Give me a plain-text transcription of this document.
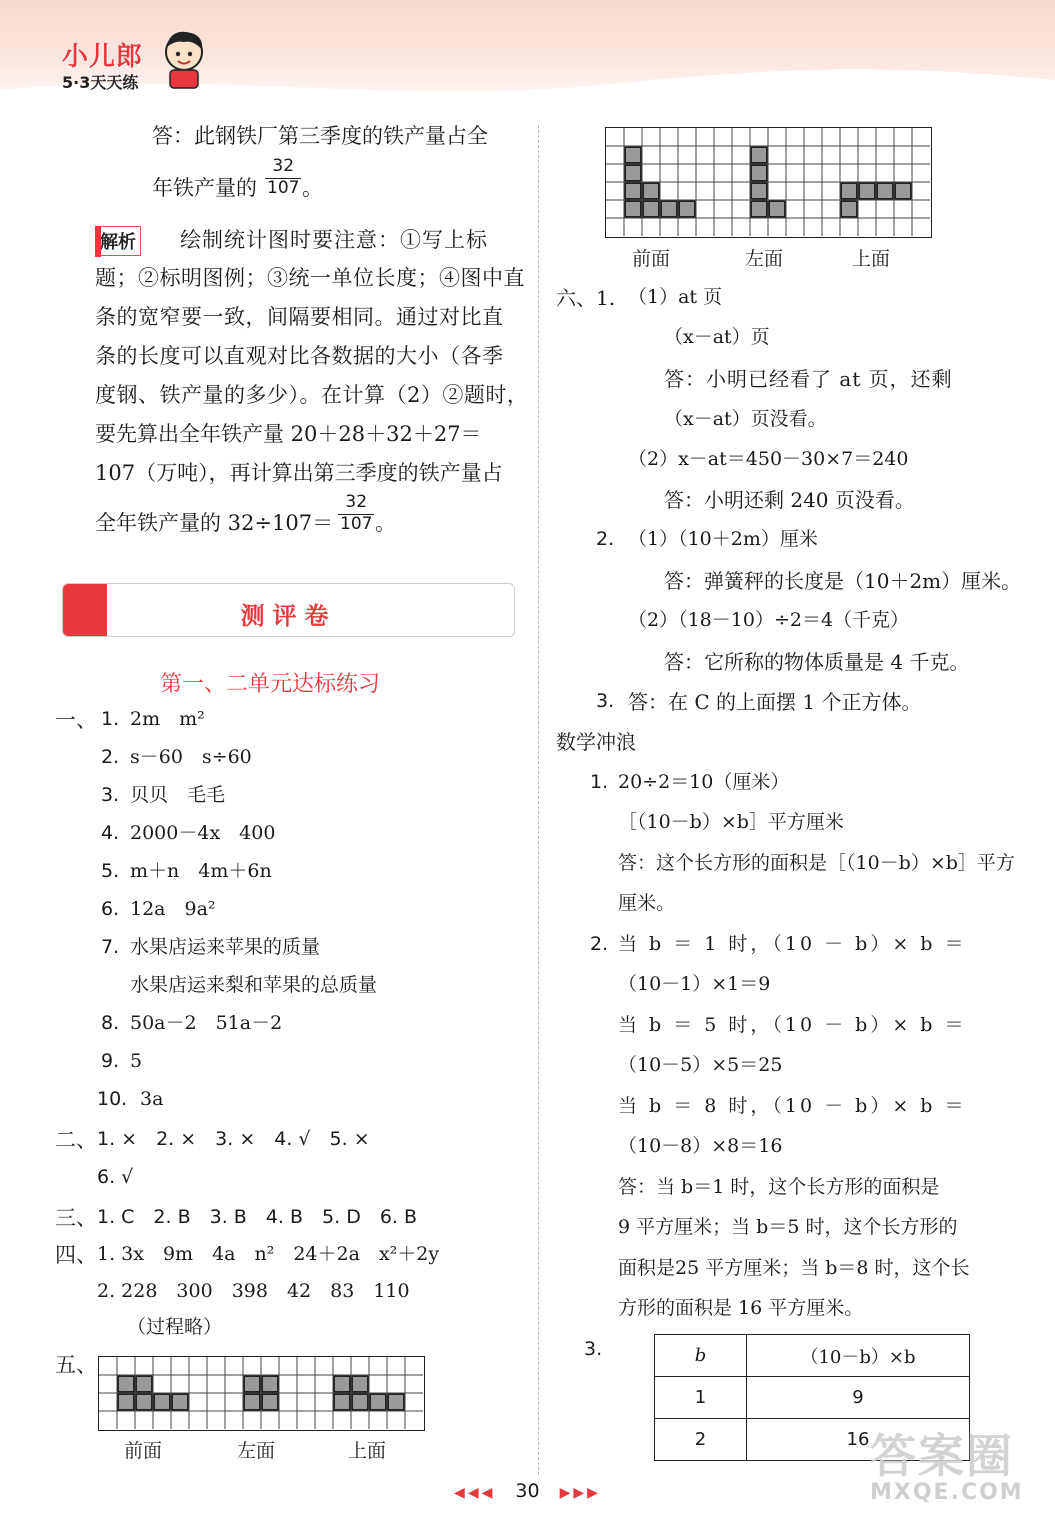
小儿郎
5·3天天练
答：此钢铁厂第三季度的铁产量占全
年铁产量的
32
107 。
解析 绘制统计图时要注意：①写上标
题；②标明图例；③统一单位长度；④图中直
条的宽窄要一致，间隔要相同。通过对比直
条的长度可以直观对比各数据的大小（各季
度钢、铁产量的多少）。在计算（2）②题时，
要先算出全年铁产量 20＋28＋32＋27＝
107（万吨），再计算出第三季度的铁产量占
全年铁产量的 32÷107＝
32
107 。
测评卷
第一、二单元达标练习
一、 1. 2m　m²
2. s－60　s÷60
3. 贝贝　毛毛
4. 2000－4x　400
5. m＋n　4m＋6n
6. 12a　9a²
7. 水果店运来苹果的质量
水果店运来梨和苹果的总质量
8. 50a－2　51a－2
9. 5
10. 3a
二、 1. ×　2. ×　3. ×　4. √　5. ×
6. √
三、 1. C　2. B　3. B　4. B　5. D　6. B
四、 1. 3x　9m　4a　n²　24＋2a　x²＋2y
2. 228　300　398　42　83　110
（过程略）
五、
前面	左面	上面
前面	左面	上面
六、1. （1）at 页
（x－at）页
答：小明已经看了 at 页，还剩
（x－at）页没看。
（2）x－at＝450－30×7＝240
答：小明还剩 240 页没看。
2. （1）（10＋2m）厘米
答：弹簧秤的长度是（10＋2m）厘米。
（2）（18－10）÷2＝4（千克）
答：它所称的物体质量是 4 千克。
3. 答：在 C 的上面摆 1 个正方体。
数学冲浪
1. 20÷2＝10（厘米）
［（10－b）×b］平方厘米
答：这个长方形的面积是［（10－b）×b］平方
厘米。
2. 当 b ＝ 1 时，（10 － b）× b ＝
（10－1）×1＝9
当 b ＝ 5 时，（10 － b）× b ＝
（10－5）×5＝25
当 b ＝ 8 时，（10 － b）× b ＝
（10－8）×8＝16
答：当 b＝1 时，这个长方形的面积是
9 平方厘米；当 b＝5 时，这个长方形的
面积是25 平方厘米；当 b＝8 时，这个长
方形的面积是 16 平方厘米。
3.	b	（10－b）×b
1	9
2	16
◀◀◀ 30 ▶▶▶
答案圈
MXQE.COM
